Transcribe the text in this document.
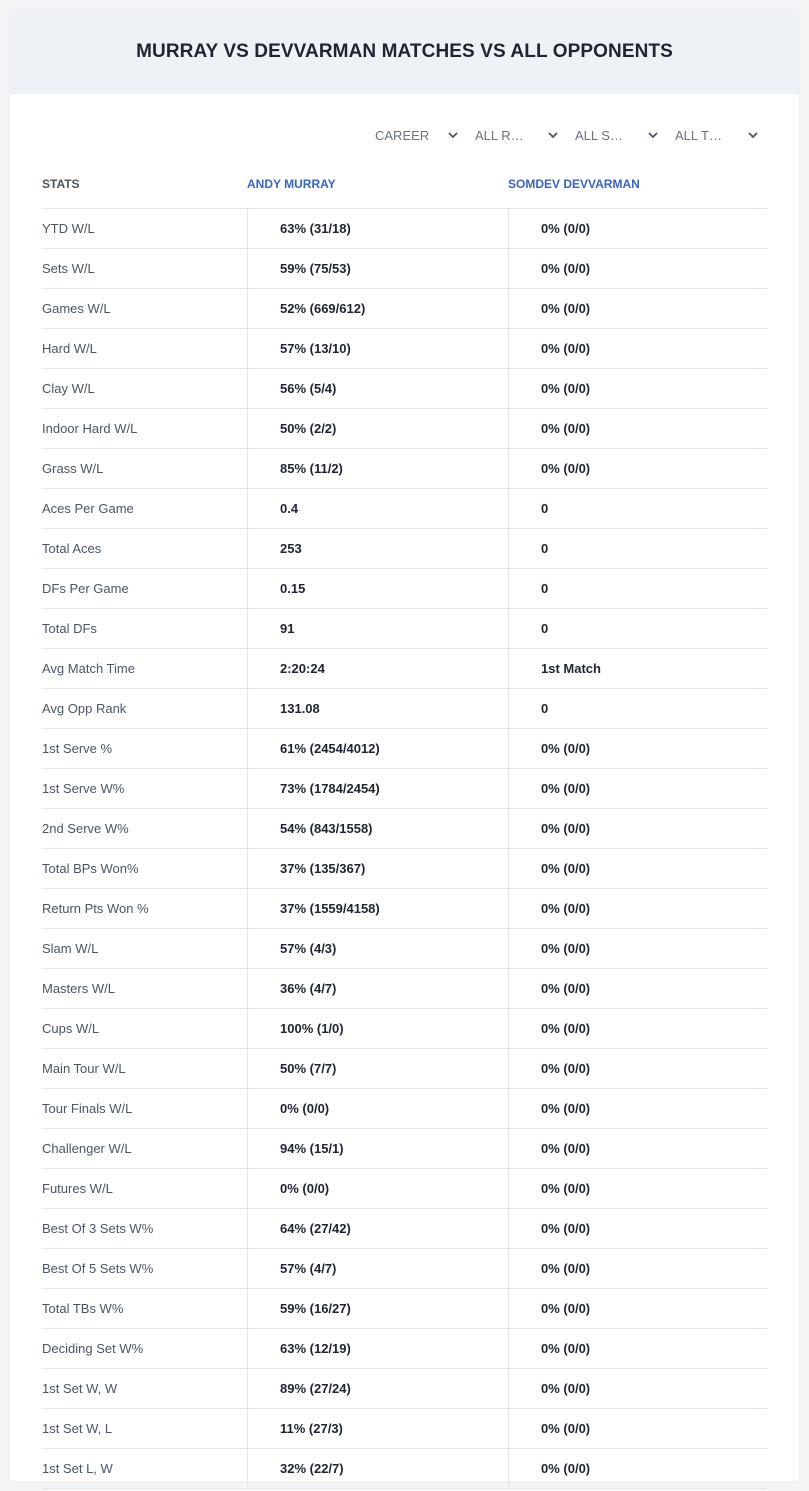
MURRAY VS DEVVARMAN MATCHES VS ALL OPPONENTS
CAREER	ALL R…	ALL S…	ALL T…
STATS	ANDY MURRAY	SOMDEV DEVVARMAN
YTD W/L	63% (31/18)	0% (0/0)
Sets W/L	59% (75/53)	0% (0/0)
Games W/L	52% (669/612)	0% (0/0)
Hard W/L	57% (13/10)	0% (0/0)
Clay W/L	56% (5/4)	0% (0/0)
Indoor Hard W/L	50% (2/2)	0% (0/0)
Grass W/L	85% (11/2)	0% (0/0)
Aces Per Game	0.4	0
Total Aces	253	0
DFs Per Game	0.15	0
Total DFs	91	0
Avg Match Time	2:20:24	1st Match
Avg Opp Rank	131.08	0
1st Serve %	61% (2454/4012)	0% (0/0)
1st Serve W%	73% (1784/2454)	0% (0/0)
2nd Serve W%	54% (843/1558)	0% (0/0)
Total BPs Won%	37% (135/367)	0% (0/0)
Return Pts Won %	37% (1559/4158)	0% (0/0)
Slam W/L	57% (4/3)	0% (0/0)
Masters W/L	36% (4/7)	0% (0/0)
Cups W/L	100% (1/0)	0% (0/0)
Main Tour W/L	50% (7/7)	0% (0/0)
Tour Finals W/L	0% (0/0)	0% (0/0)
Challenger W/L	94% (15/1)	0% (0/0)
Futures W/L	0% (0/0)	0% (0/0)
Best Of 3 Sets W%	64% (27/42)	0% (0/0)
Best Of 5 Sets W%	57% (4/7)	0% (0/0)
Total TBs W%	59% (16/27)	0% (0/0)
Deciding Set W%	63% (12/19)	0% (0/0)
1st Set W, W	89% (27/24)	0% (0/0)
1st Set W, L	11% (27/3)	0% (0/0)
1st Set L, W	32% (22/7)	0% (0/0)
